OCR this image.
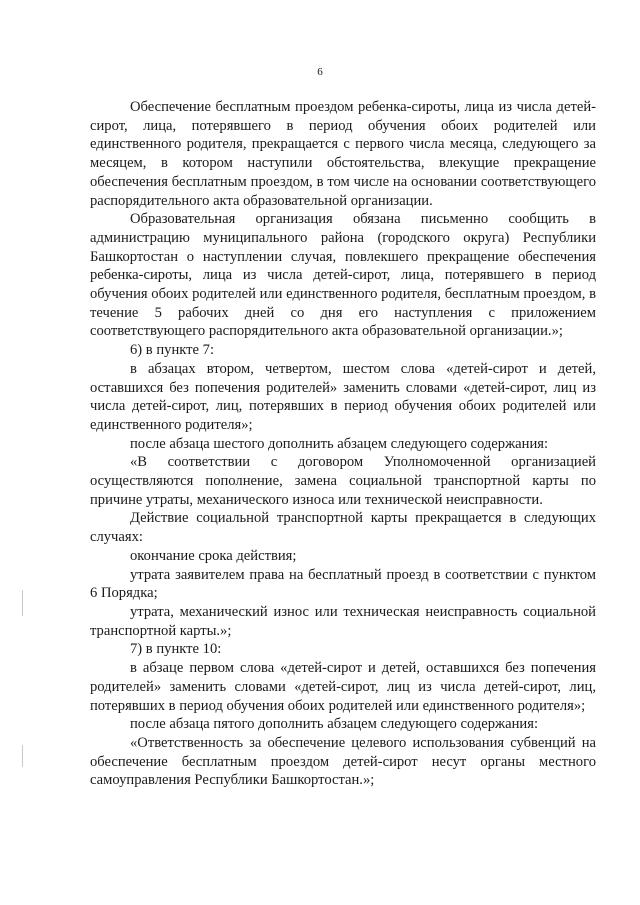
6

Обеспечение бесплатным проездом ребенка-сироты, лица из числа детей-сирот, лица, потерявшего в период обучения обоих родителей или единственного родителя, прекращается с первого числа месяца, следующего за месяцем, в котором наступили обстоятельства, влекущие прекращение обеспечения бесплатным проездом, в том числе на основании соответствующего распорядительного акта образовательной организации.

Образовательная организация обязана письменно сообщить в администрацию муниципального района (городского округа) Республики Башкортостан о наступлении случая, повлекшего прекращение обеспечения ребенка-сироты, лица из числа детей-сирот, лица, потерявшего в период обучения обоих родителей или единственного родителя, бесплатным проездом, в течение 5 рабочих дней со дня его наступления с приложением соответствующего распорядительного акта образовательной организации.»;

6) в пункте 7:

в абзацах втором, четвертом, шестом слова «детей-сирот и детей, оставшихся без попечения родителей» заменить словами «детей-сирот, лиц из числа детей-сирот, лиц, потерявших в период обучения обоих родителей или единственного родителя»;

после абзаца шестого дополнить абзацем следующего содержания:

«В соответствии с договором Уполномоченной организацией осуществляются пополнение, замена социальной транспортной карты по причине утраты, механического износа или технической неисправности.

Действие социальной транспортной карты прекращается в следующих случаях:

окончание срока действия;

утрата заявителем права на бесплатный проезд в соответствии с пунктом 6 Порядка;

утрата, механический износ или техническая неисправность социальной транспортной карты.»;

7) в пункте 10:

в абзаце первом слова «детей-сирот и детей, оставшихся без попечения родителей» заменить словами «детей-сирот, лиц из числа детей-сирот, лиц, потерявших в период обучения обоих родителей или единственного родителя»;

после абзаца пятого дополнить абзацем следующего содержания:

«Ответственность за обеспечение целевого использования субвенций на обеспечение бесплатным проездом детей-сирот несут органы местного самоуправления Республики Башкортостан.»;
